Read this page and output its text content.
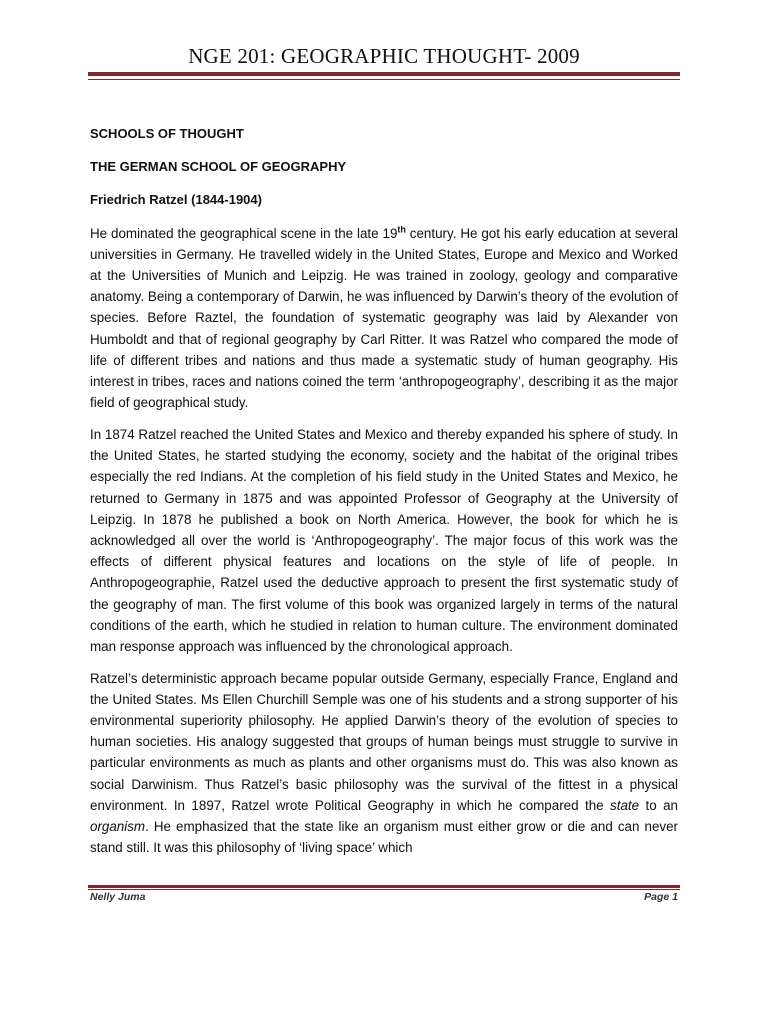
NGE 201: GEOGRAPHIC THOUGHT- 2009

SCHOOLS OF THOUGHT

THE GERMAN SCHOOL OF GEOGRAPHY

Friedrich Ratzel (1844-1904)

He dominated the geographical scene in the late 19th century. He got his early education at several universities in Germany. He travelled widely in the United States, Europe and Mexico and Worked at the Universities of Munich and Leipzig. He was trained in zoology, geology and comparative anatomy. Being a contemporary of Darwin, he was influenced by Darwin’s theory of the evolution of species. Before Raztel, the foundation of systematic geography was laid by Alexander von Humboldt and that of regional geography by Carl Ritter. It was Ratzel who compared the mode of life of different tribes and nations and thus made a systematic study of human geography. His interest in tribes, races and nations coined the term ‘anthropogeography’, describing it as the major field of geographical study.

In 1874 Ratzel reached the United States and Mexico and thereby expanded his sphere of study. In the United States, he started studying the economy, society and the habitat of the original tribes especially the red Indians. At the completion of his field study in the United States and Mexico, he returned to Germany in 1875 and was appointed Professor of Geography at the University of Leipzig. In 1878 he published a book on North America. However, the book for which he is acknowledged all over the world is ‘Anthropogeography’. The major focus of this work was the effects of different physical features and locations on the style of life of people. In Anthropogeographie, Ratzel used the deductive approach to present the first systematic study of the geography of man. The first volume of this book was organized largely in terms of the natural conditions of the earth, which he studied in relation to human culture. The environment dominated man response approach was influenced by the chronological approach.

Ratzel’s deterministic approach became popular outside Germany, especially France, England and the United States. Ms Ellen Churchill Semple was one of his students and a strong supporter of his environmental superiority philosophy. He applied Darwin’s theory of the evolution of species to human societies. His analogy suggested that groups of human beings must struggle to survive in particular environments as much as plants and other organisms must do. This was also known as social Darwinism. Thus Ratzel’s basic philosophy was the survival of the fittest in a physical environment. In 1897, Ratzel wrote Political Geography in which he compared the state to an organism. He emphasized that the state like an organism must either grow or die and can never stand still. It was this philosophy of ‘living space’ which

Nelly Juma	Page 1
